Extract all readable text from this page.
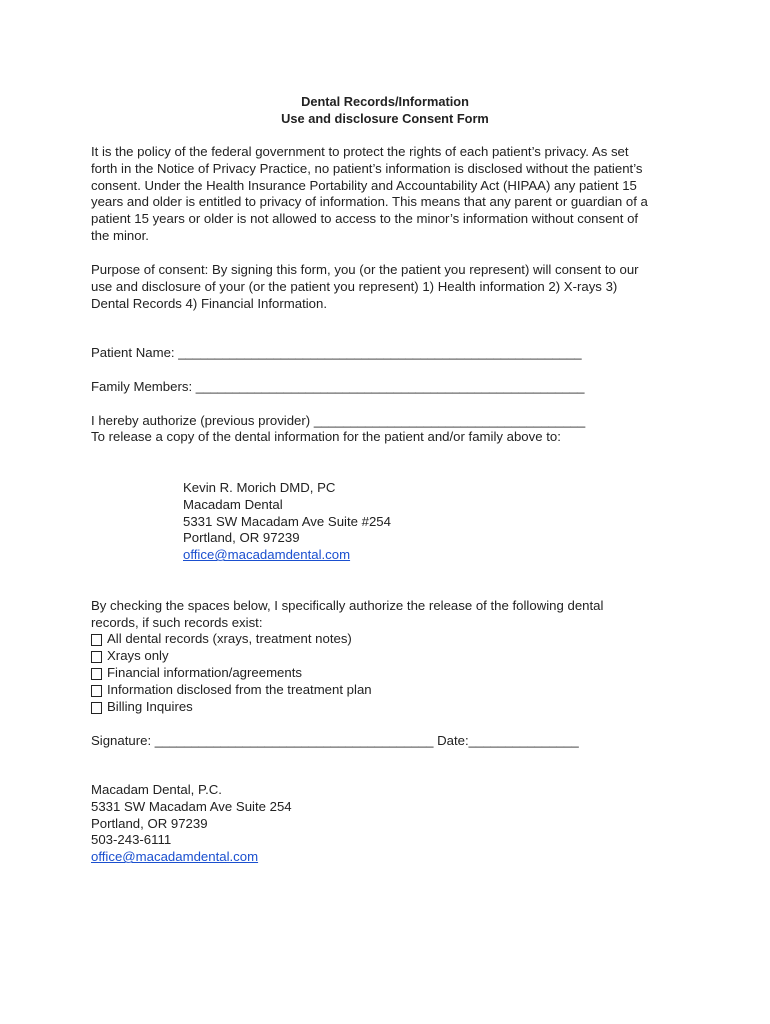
Dental Records/Information
Use and disclosure Consent Form
It is the policy of the federal government to protect the rights of each patient’s privacy. As set
forth in the Notice of Privacy Practice, no patient’s information is disclosed without the patient’s
consent. Under the Health Insurance Portability and Accountability Act (HIPAA) any patient 15
years and older is entitled to privacy of information. This means that any parent or guardian of a
patient 15 years or older is not allowed to access to the minor’s information without consent of
the minor.
Purpose of consent: By signing this form, you (or the patient you represent) will consent to our
use and disclosure of your (or the patient you represent) 1) Health information 2) X-rays 3)
Dental Records 4) Financial Information.
Patient Name: _______________________________________________________
Family Members: _____________________________________________________
I hereby authorize (previous provider) _____________________________________
To release a copy of the dental information for the patient and/or family above to:
Kevin R. Morich DMD, PC
Macadam Dental
5331 SW Macadam Ave Suite #254
Portland, OR 97239
office@macadamdental.com
By checking the spaces below, I specifically authorize the release of the following dental
records, if such records exist:
All dental records (xrays, treatment notes)
Xrays only
Financial information/agreements
Information disclosed from the treatment plan
Billing Inquires
Signature: ______________________________________ Date:_______________
Macadam Dental, P.C.
5331 SW Macadam Ave Suite 254
Portland, OR 97239
503-243-6111
office@macadamdental.com
